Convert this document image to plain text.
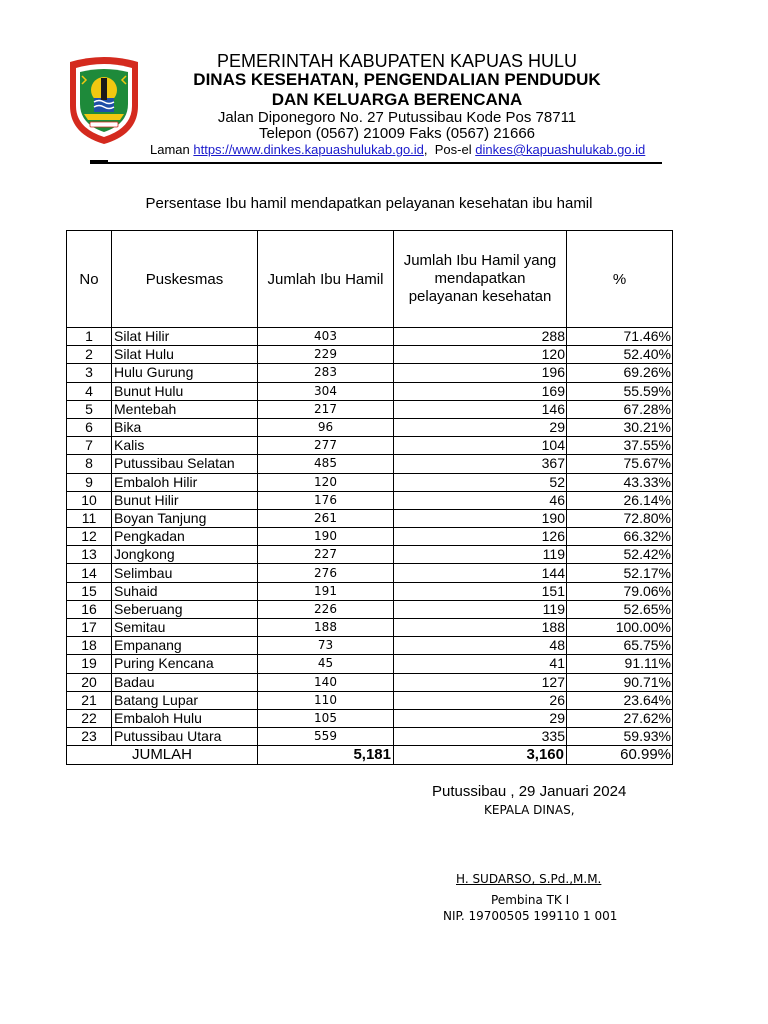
PEMERINTAH KABUPATEN KAPUAS HULU
DINAS KESEHATAN, PENGENDALIAN PENDUDUK
DAN KELUARGA BERENCANA
Jalan Diponegoro No. 27 Putussibau Kode Pos 78711
Telepon (0567) 21009 Faks (0567) 21666
Laman https://www.dinkes.kapuashulukab.go.id,  Pos-el dinkes@kapuashulukab.go.id
Persentase Ibu hamil mendapatkan pelayanan kesehatan ibu hamil
No	Puskesmas	Jumlah Ibu Hamil	Jumlah Ibu Hamil yang mendapatkan pelayanan kesehatan	%
1	Silat Hilir	403	288	71.46%
2	Silat Hulu	229	120	52.40%
3	Hulu Gurung	283	196	69.26%
4	Bunut Hulu	304	169	55.59%
5	Mentebah	217	146	67.28%
6	Bika	96	29	30.21%
7	Kalis	277	104	37.55%
8	Putussibau Selatan	485	367	75.67%
9	Embaloh Hilir	120	52	43.33%
10	Bunut Hilir	176	46	26.14%
11	Boyan Tanjung	261	190	72.80%
12	Pengkadan	190	126	66.32%
13	Jongkong	227	119	52.42%
14	Selimbau	276	144	52.17%
15	Suhaid	191	151	79.06%
16	Seberuang	226	119	52.65%
17	Semitau	188	188	100.00%
18	Empanang	73	48	65.75%
19	Puring Kencana	45	41	91.11%
20	Badau	140	127	90.71%
21	Batang Lupar	110	26	23.64%
22	Embaloh Hulu	105	29	27.62%
23	Putussibau Utara	559	335	59.93%
JUMLAH		5,181	3,160	60.99%
Putussibau , 29 Januari 2024
KEPALA DINAS,
H. SUDARSO, S.Pd.,M.M.
Pembina TK I
NIP. 19700505 199110 1 001
